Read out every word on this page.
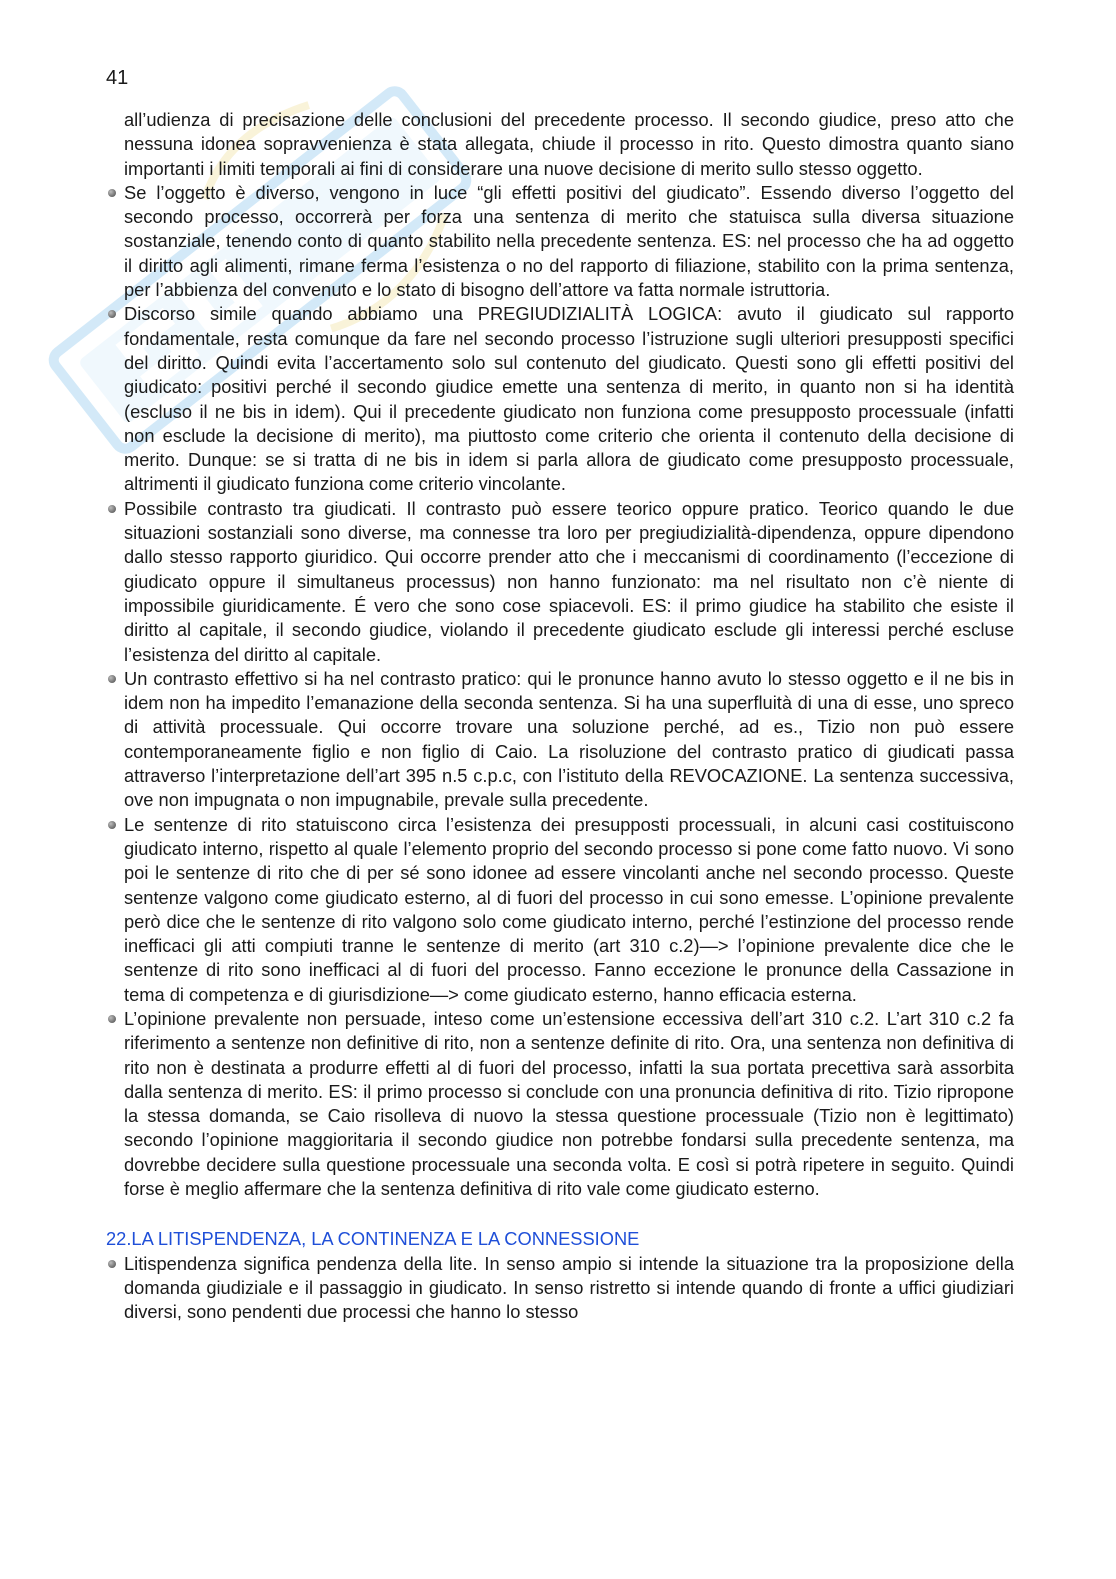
41

all’udienza di precisazione delle conclusioni del precedente processo. Il secondo giudice, preso atto che nessuna idonea sopravvenienza è stata allegata, chiude il processo in rito. Questo dimostra quanto siano importanti i limiti temporali ai fini di considerare una nuove decisione di merito sullo stesso oggetto.

Se l’oggetto è diverso, vengono in luce “gli effetti positivi del giudicato”. Essendo diverso l’oggetto del secondo processo, occorrerà per forza una sentenza di merito che statuisca sulla diversa situazione sostanziale, tenendo conto di quanto stabilito nella precedente sentenza. ES: nel processo che ha ad oggetto il diritto agli alimenti, rimane ferma l’esistenza o no del rapporto di filiazione, stabilito con la prima sentenza, per l’abbienza del convenuto e lo stato di bisogno dell’attore va fatta normale istruttoria.

Discorso simile quando abbiamo una PREGIUDIZIALITÀ LOGICA: avuto il giudicato sul rapporto fondamentale, resta comunque da fare nel secondo processo l’istruzione sugli ulteriori presupposti specifici del diritto. Quindi evita l’accertamento solo sul contenuto del giudicato. Questi sono gli effetti positivi del giudicato: positivi perché il secondo giudice emette una sentenza di merito, in quanto non si ha identità (escluso il ne bis in idem). Qui il precedente giudicato non funziona come presupposto processuale (infatti non esclude la decisione di merito), ma piuttosto come criterio che orienta il contenuto della decisione di merito. Dunque: se si tratta di ne bis in idem si parla allora de giudicato come presupposto processuale, altrimenti il giudicato funziona come criterio vincolante.

Possibile contrasto tra giudicati. Il contrasto può essere teorico oppure pratico. Teorico quando le due situazioni sostanziali sono diverse, ma connesse tra loro per pregiudizialità-dipendenza, oppure dipendono dallo stesso rapporto giuridico. Qui occorre prender atto che i meccanismi di coordinamento (l’eccezione di giudicato oppure il simultaneus processus) non hanno funzionato: ma nel risultato non c’è niente di impossibile giuridicamente. É vero che sono cose spiacevoli. ES: il primo giudice ha stabilito che esiste il diritto al capitale, il secondo giudice, violando il precedente giudicato esclude gli interessi perché escluse l’esistenza del diritto al capitale.

Un contrasto effettivo si ha nel contrasto pratico: qui le pronunce hanno avuto lo stesso oggetto e il ne bis in idem non ha impedito l’emanazione della seconda sentenza. Si ha una superfluità di una di esse, uno spreco di attività processuale. Qui occorre trovare una soluzione perché, ad es., Tizio non può essere contemporaneamente figlio e non figlio di Caio. La risoluzione del contrasto pratico di giudicati passa attraverso l’interpretazione dell’art 395 n.5 c.p.c, con l’istituto della REVOCAZIONE. La sentenza successiva, ove non impugnata o non impugnabile, prevale sulla precedente.

Le sentenze di rito statuiscono circa l’esistenza dei presupposti processuali, in alcuni casi costituiscono giudicato interno, rispetto al quale l’elemento proprio del secondo processo si pone come fatto nuovo. Vi sono poi le sentenze di rito che di per sé sono idonee ad essere vincolanti anche nel secondo processo. Queste sentenze valgono come giudicato esterno, al di fuori del processo in cui sono emesse. L’opinione prevalente però dice che le sentenze di rito valgono solo come giudicato interno, perché l’estinzione del processo rende inefficaci gli atti compiuti tranne le sentenze di merito (art 310 c.2)—> l’opinione prevalente dice che le sentenze di rito sono inefficaci al di fuori del processo. Fanno eccezione le pronunce della Cassazione in tema di competenza e di giurisdizione—> come giudicato esterno, hanno efficacia esterna.

L’opinione prevalente non persuade, inteso come un’estensione eccessiva dell’art 310 c.2. L’art 310 c.2 fa riferimento a sentenze non definitive di rito, non a sentenze definite di rito. Ora, una sentenza non definitiva di rito non è destinata a produrre effetti al di fuori del processo, infatti la sua portata precettiva sarà assorbita dalla sentenza di merito. ES: il primo processo si conclude con una pronuncia definitiva di rito. Tizio ripropone la stessa domanda, se Caio risolleva di nuovo la stessa questione processuale (Tizio non è legittimato) secondo l’opinione maggioritaria il secondo giudice non potrebbe fondarsi sulla precedente sentenza, ma dovrebbe decidere sulla questione processuale una seconda volta. E così si potrà ripetere in seguito. Quindi forse è meglio affermare che la sentenza definitiva di rito vale come giudicato esterno.

22.LA LITISPENDENZA, LA CONTINENZA E LA CONNESSIONE

Litispendenza significa pendenza della lite. In senso ampio si intende la situazione tra la proposizione della domanda giudiziale e il passaggio in giudicato. In senso ristretto si intende quando di fronte a uffici giudiziari diversi, sono pendenti due processi che hanno lo stesso
